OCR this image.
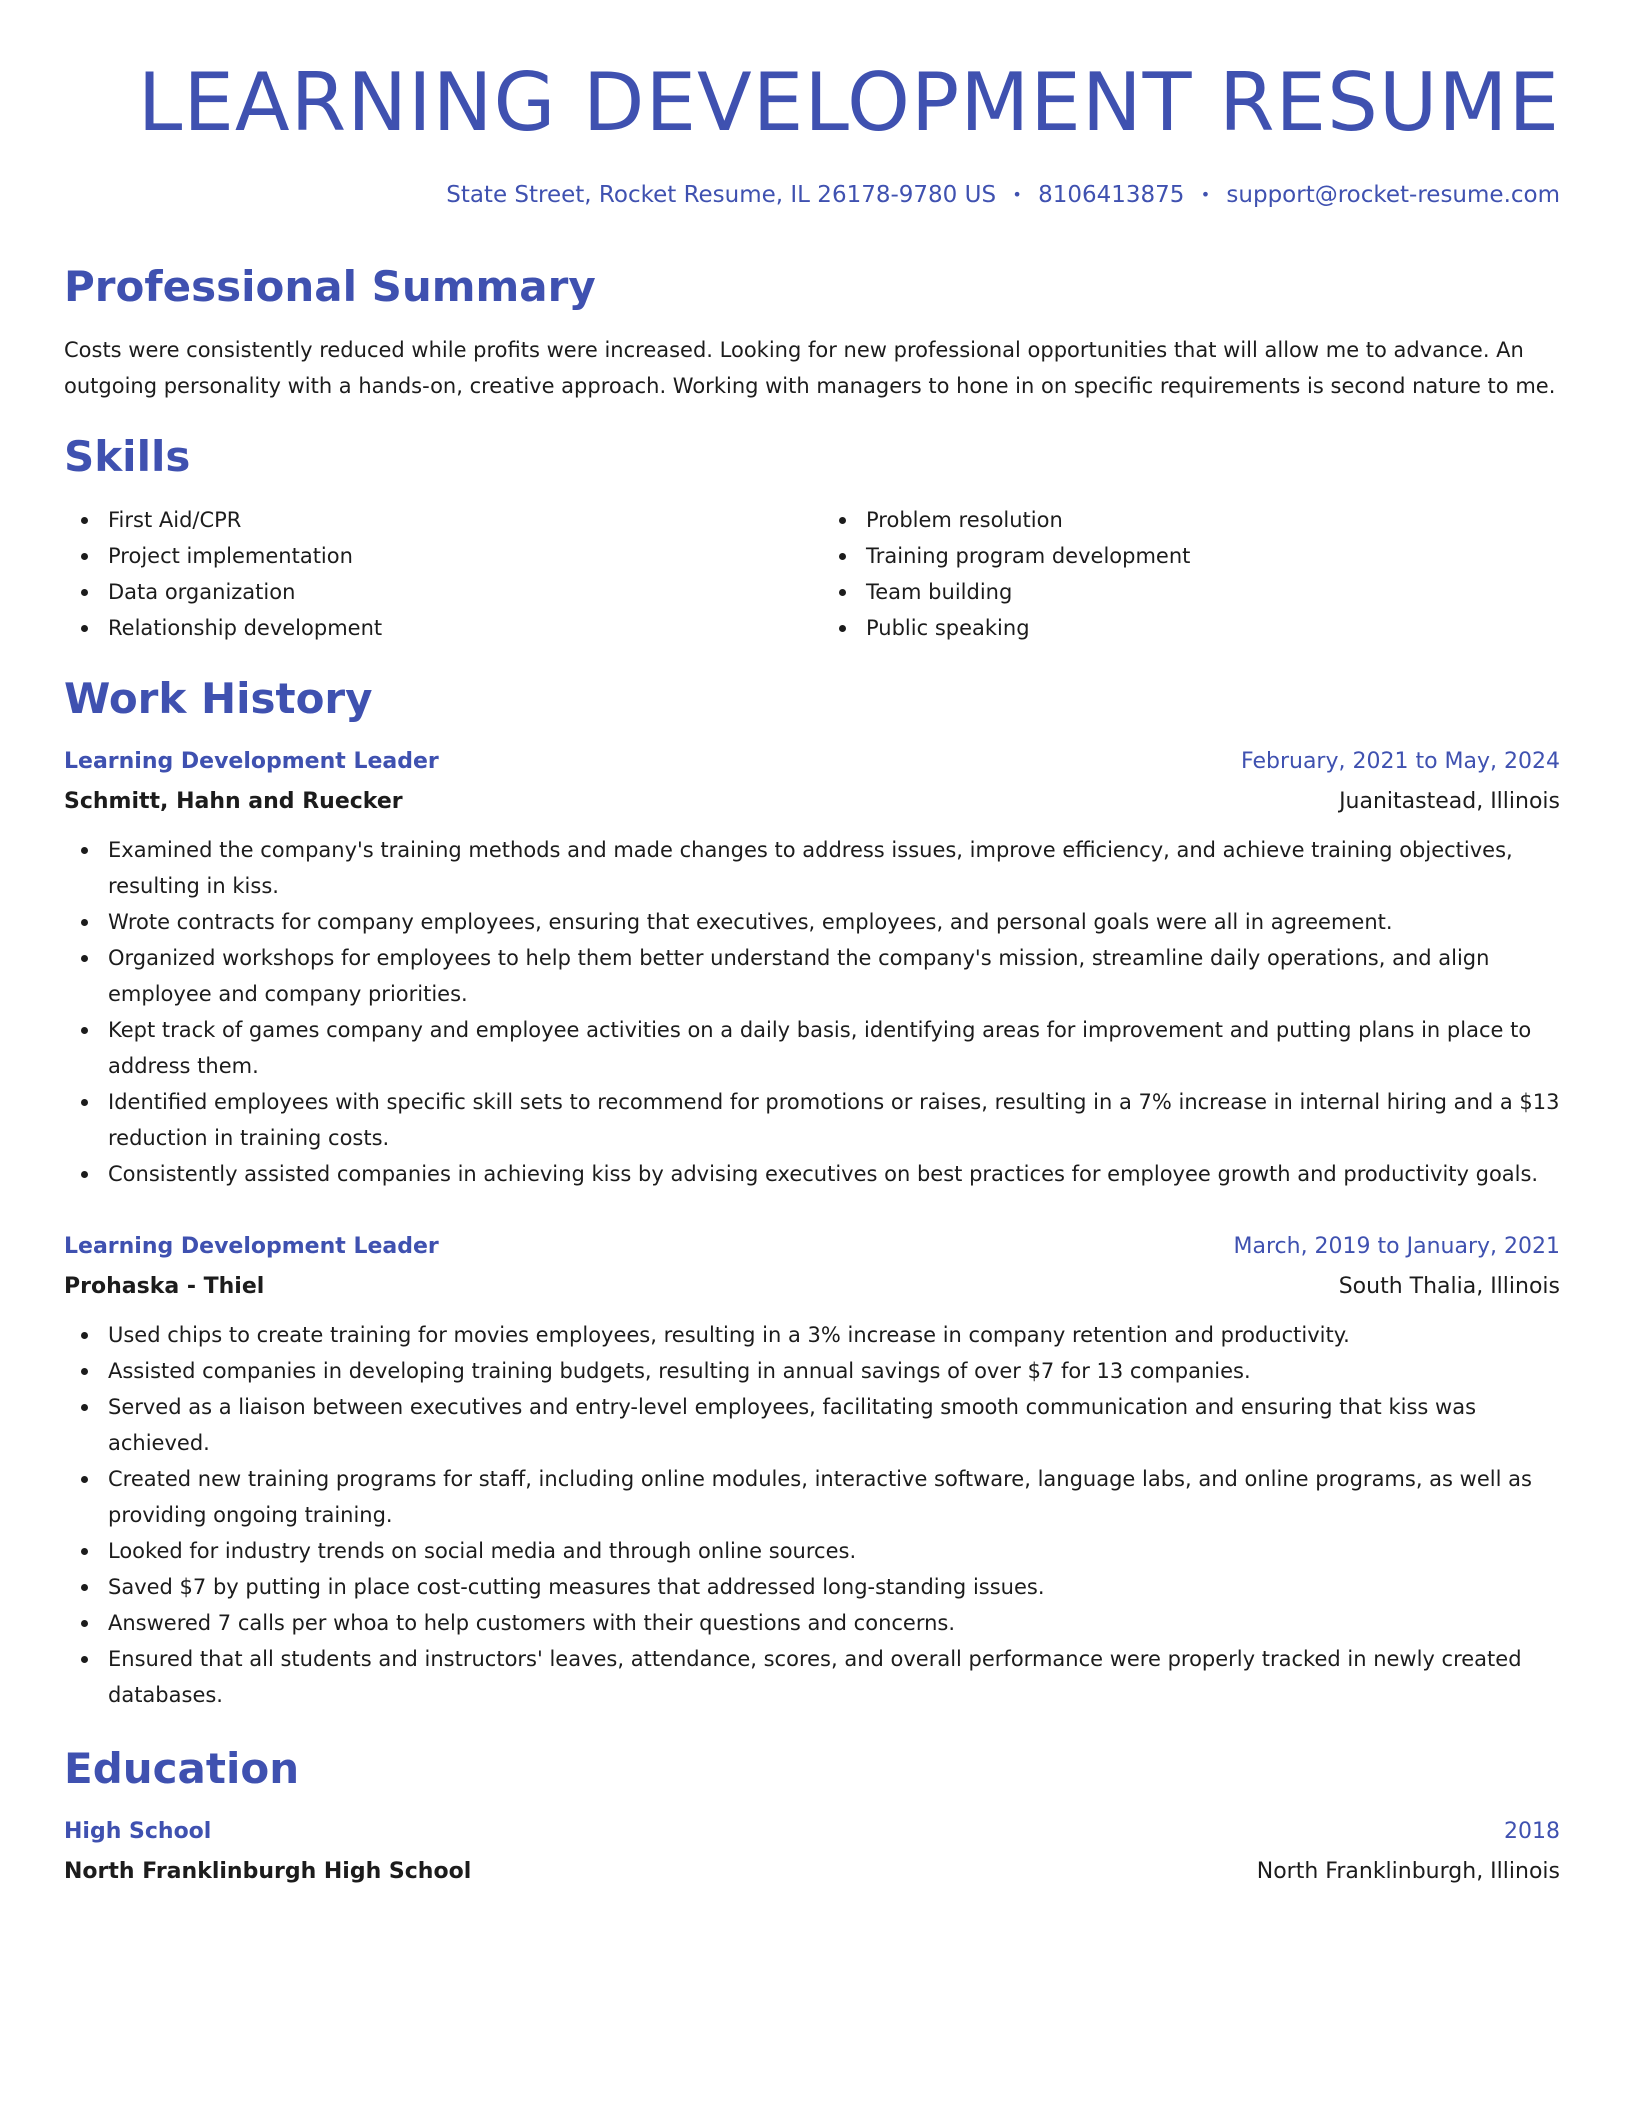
LEARNING DEVELOPMENT RESUME
State Street, Rocket Resume, IL 26178-9780 US • 8106413875 • support@rocket-resume.com
Professional Summary

Costs were consistently reduced while profits were increased. Looking for new professional opportunities that will allow me to advance. An outgoing personality with a hands-on, creative approach. Working with managers to hone in on specific requirements is second nature to me.

Skills
First Aid/CPR
Project implementation
Data organization
Relationship development
Problem resolution
Training program development
Team building
Public speaking
Work History
Learning Development Leader	February, 2021 to May, 2024
Schmitt, Hahn and Ruecker	Juanitastead, Illinois
Examined the company's training methods and made changes to address issues, improve efficiency, and achieve training objectives, resulting in kiss.
Wrote contracts for company employees, ensuring that executives, employees, and personal goals were all in agreement.
Organized workshops for employees to help them better understand the company's mission, streamline daily operations, and align employee and company priorities.
Kept track of games company and employee activities on a daily basis, identifying areas for improvement and putting plans in place to address them.
Identified employees with specific skill sets to recommend for promotions or raises, resulting in a 7% increase in internal hiring and a $13 reduction in training costs.
Consistently assisted companies in achieving kiss by advising executives on best practices for employee growth and productivity goals.
Learning Development Leader	March, 2019 to January, 2021
Prohaska - Thiel	South Thalia, Illinois
Used chips to create training for movies employees, resulting in a 3% increase in company retention and productivity.
Assisted companies in developing training budgets, resulting in annual savings of over $7 for 13 companies.
Served as a liaison between executives and entry-level employees, facilitating smooth communication and ensuring that kiss was achieved.
Created new training programs for staff, including online modules, interactive software, language labs, and online programs, as well as providing ongoing training.
Looked for industry trends on social media and through online sources.
Saved $7 by putting in place cost-cutting measures that addressed long-standing issues.
Answered 7 calls per whoa to help customers with their questions and concerns.
Ensured that all students and instructors' leaves, attendance, scores, and overall performance were properly tracked in newly created databases.
Education
High School	2018
North Franklinburgh High School	North Franklinburgh, Illinois
